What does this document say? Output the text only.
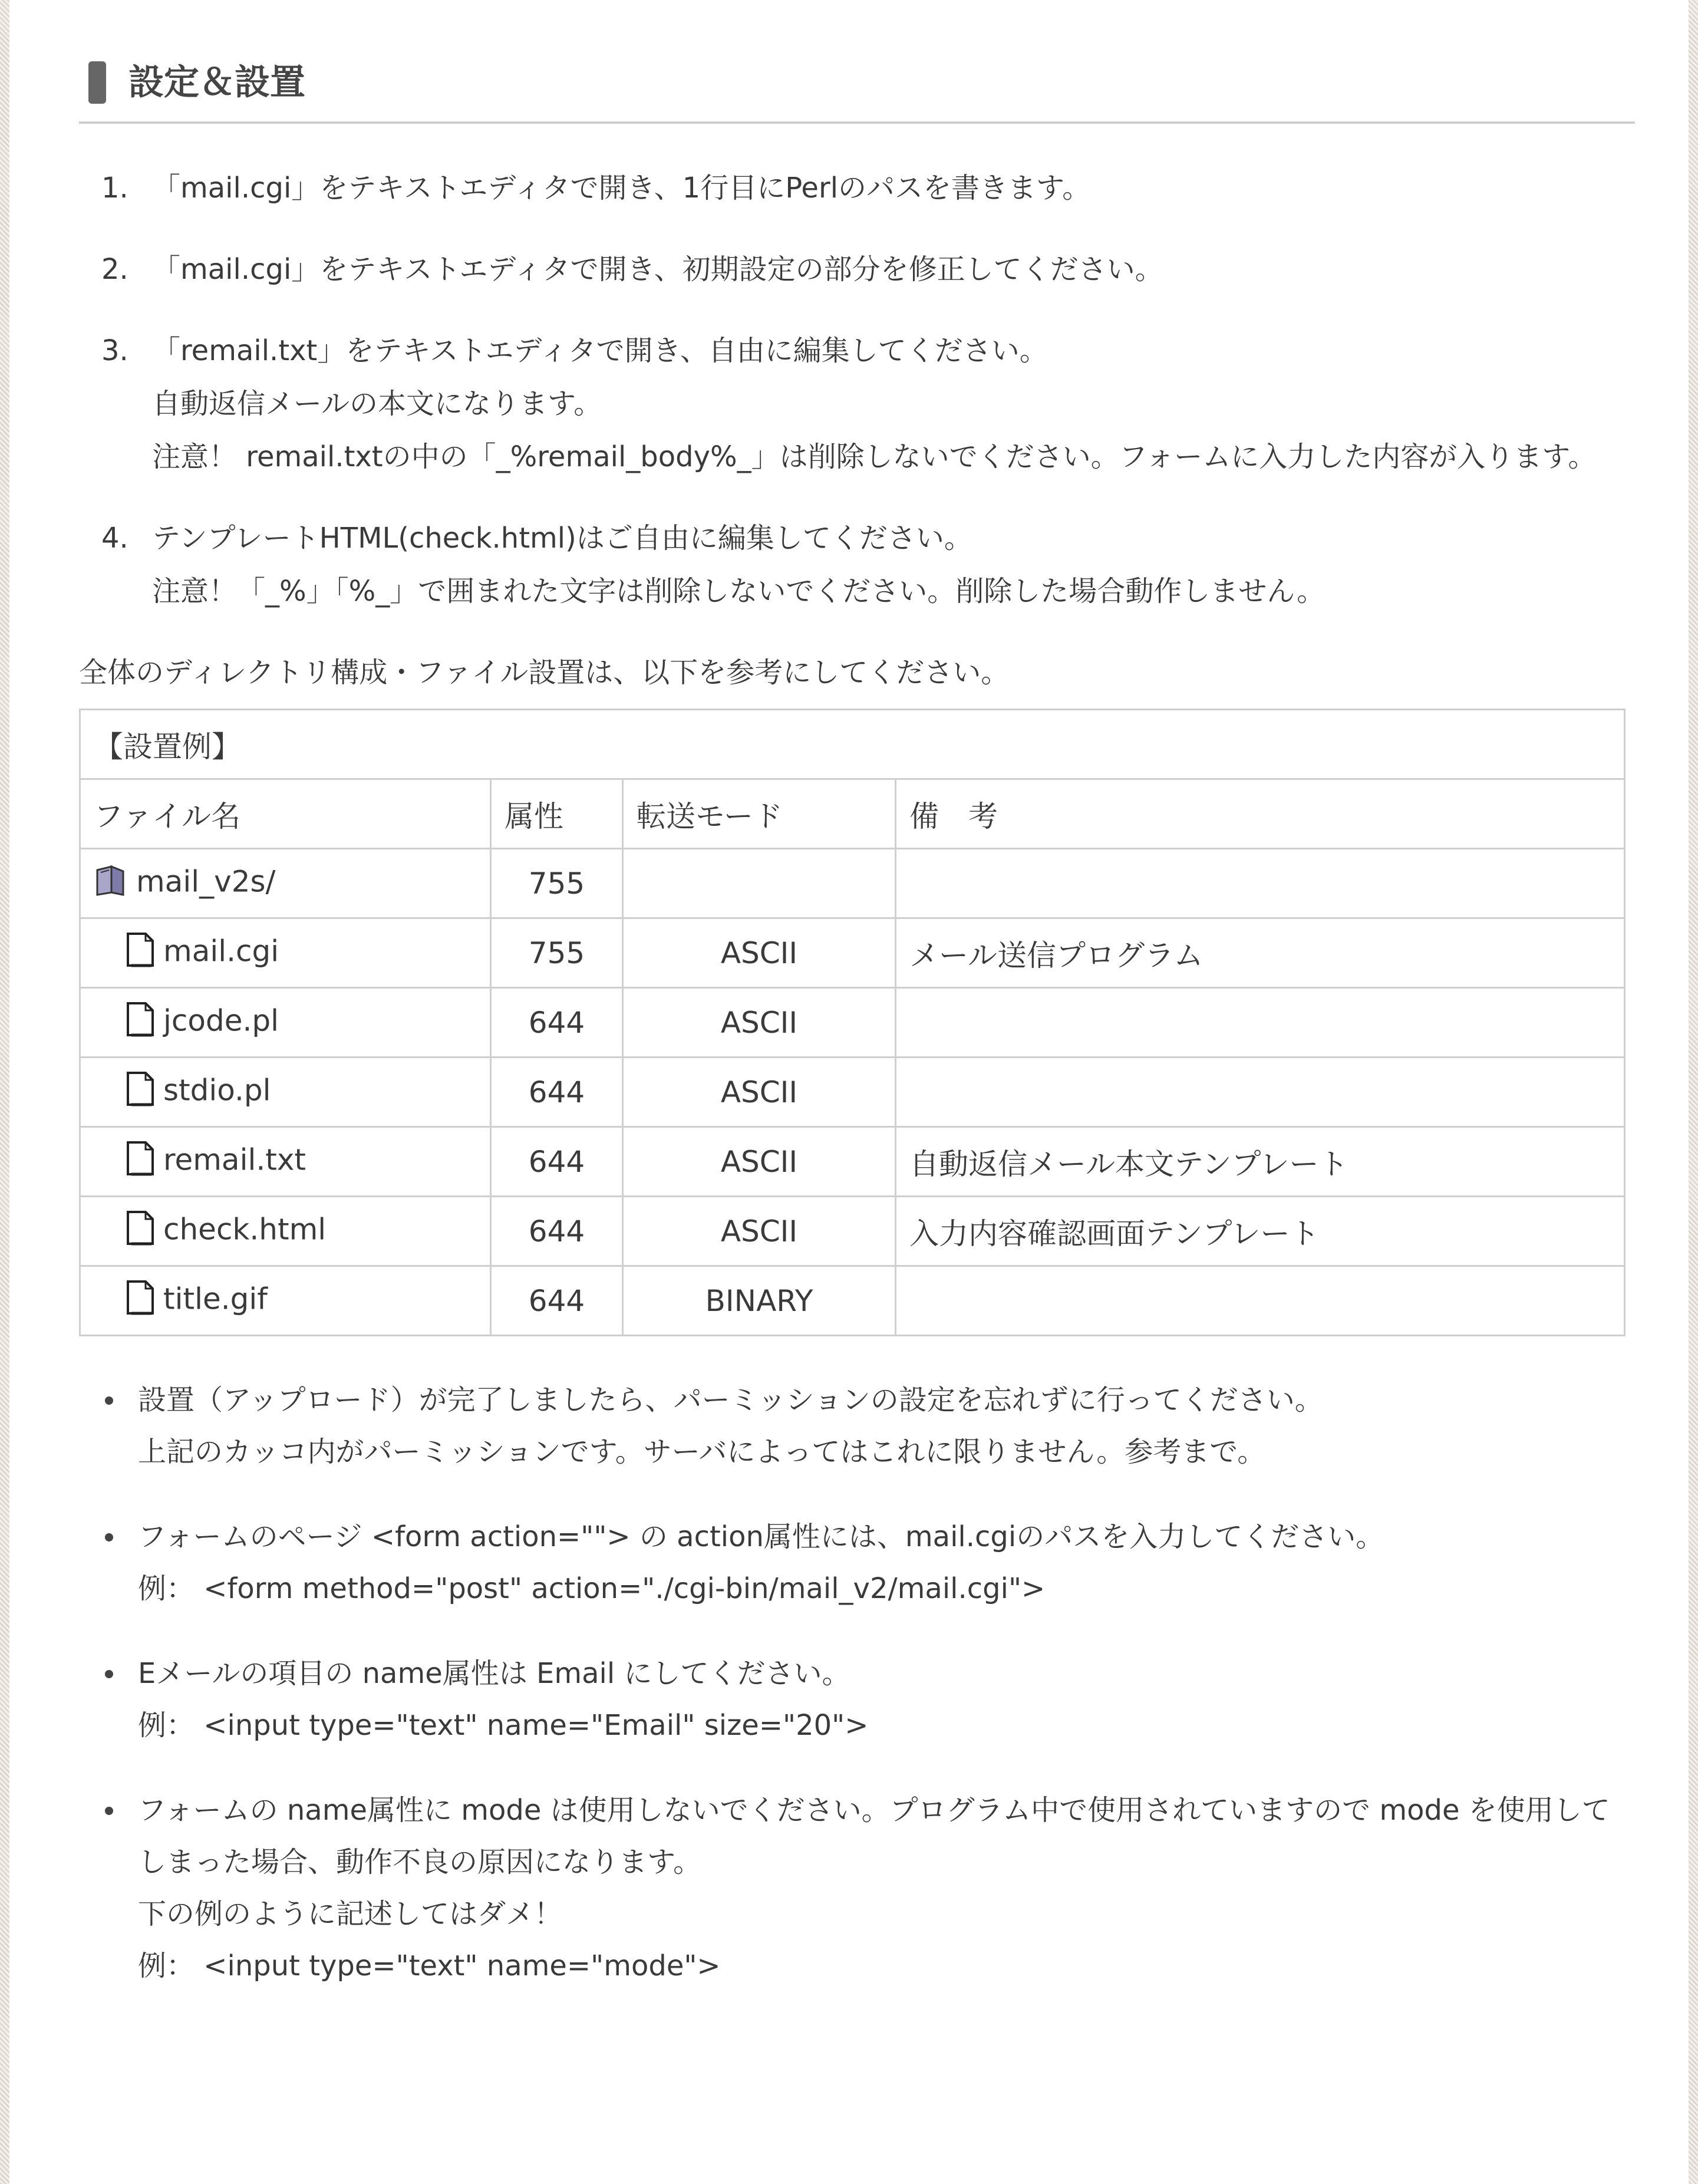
設定＆設置
1. 「mail.cgi」をテキストエディタで開き、1行目にPerlのパスを書きます。
2. 「mail.cgi」をテキストエディタで開き、初期設定の部分を修正してください。
3. 「remail.txt」をテキストエディタで開き、自由に編集してください。
自動返信メールの本文になります。
注意！ remail.txtの中の「_%remail_body%_」は削除しないでください。フォームに入力した内容が入ります。
4. テンプレートHTML(check.html)はご自由に編集してください。
注意！「_%」「%_」で囲まれた文字は削除しないでください。削除した場合動作しません。
全体のディレクトリ構成・ファイル設置は、以下を参考にしてください。
【設置例】			
ファイル名	属性	転送モード	備　考
mail_v2s/	755		
mail.cgi	755	ASCII	メール送信プログラム
jcode.pl	644	ASCII	
stdio.pl	644	ASCII	
remail.txt	644	ASCII	自動返信メール本文テンプレート
check.html	644	ASCII	入力内容確認画面テンプレート
title.gif	644	BINARY	
設置（アップロード）が完了しましたら、パーミッションの設定を忘れずに行ってください。
上記のカッコ内がパーミッションです。サーバによってはこれに限りません。参考まで。
フォームのページ <form action=""> の action属性には、mail.cgiのパスを入力してください。
例： <form method="post" action="./cgi-bin/mail_v2/mail.cgi">
Eメールの項目の name属性は Email にしてください。
例： <input type="text" name="Email" size="20">
フォームの name属性に mode は使用しないでください。プログラム中で使用されていますので mode を使用してしまった場合、動作不良の原因になります。
下の例のように記述してはダメ！
例： <input type="text" name="mode">
